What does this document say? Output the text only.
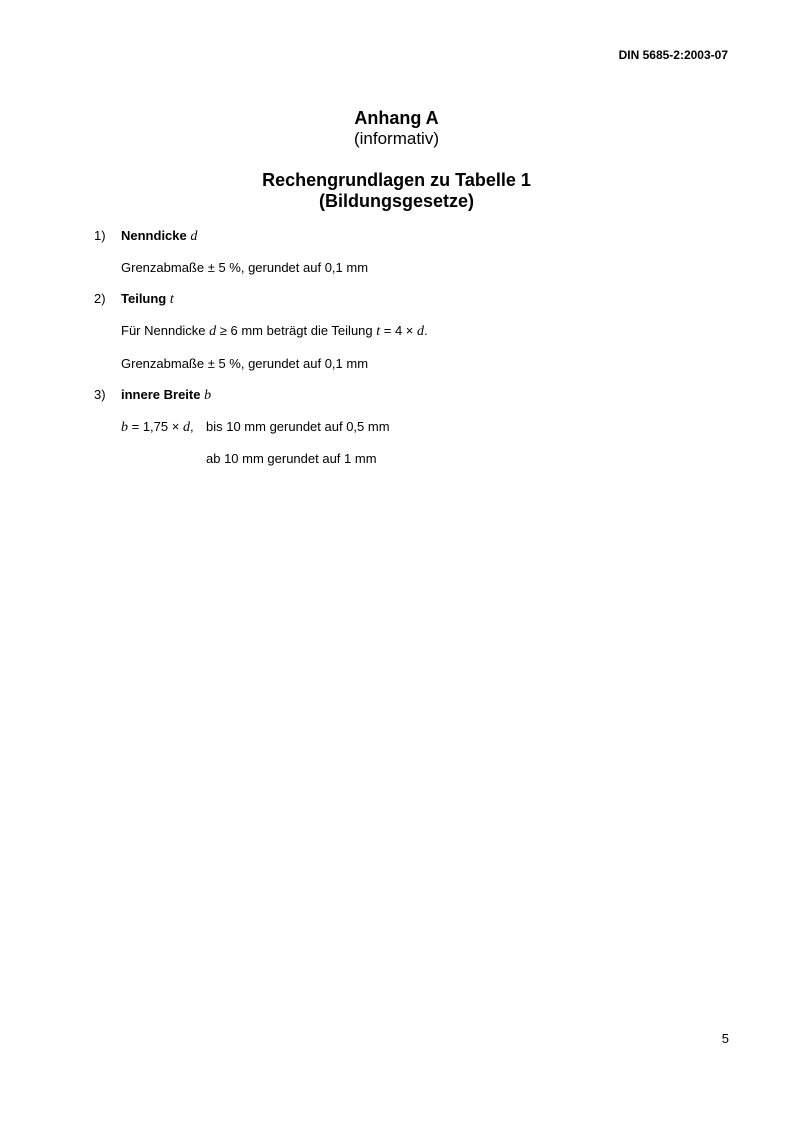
DIN 5685-2:2003-07
Anhang A
(informativ)
Rechengrundlagen zu Tabelle 1
(Bildungsgesetze)
1) Nenndicke d
Grenzabmaße ± 5 %, gerundet auf 0,1 mm
2) Teilung t
Für Nenndicke d ≥ 6 mm beträgt die Teilung t = 4 × d.
Grenzabmaße ± 5 %, gerundet auf 0,1 mm
3) innere Breite b
b = 1,75 × d, bis 10 mm gerundet auf 0,5 mm
ab 10 mm gerundet auf 1 mm
5
